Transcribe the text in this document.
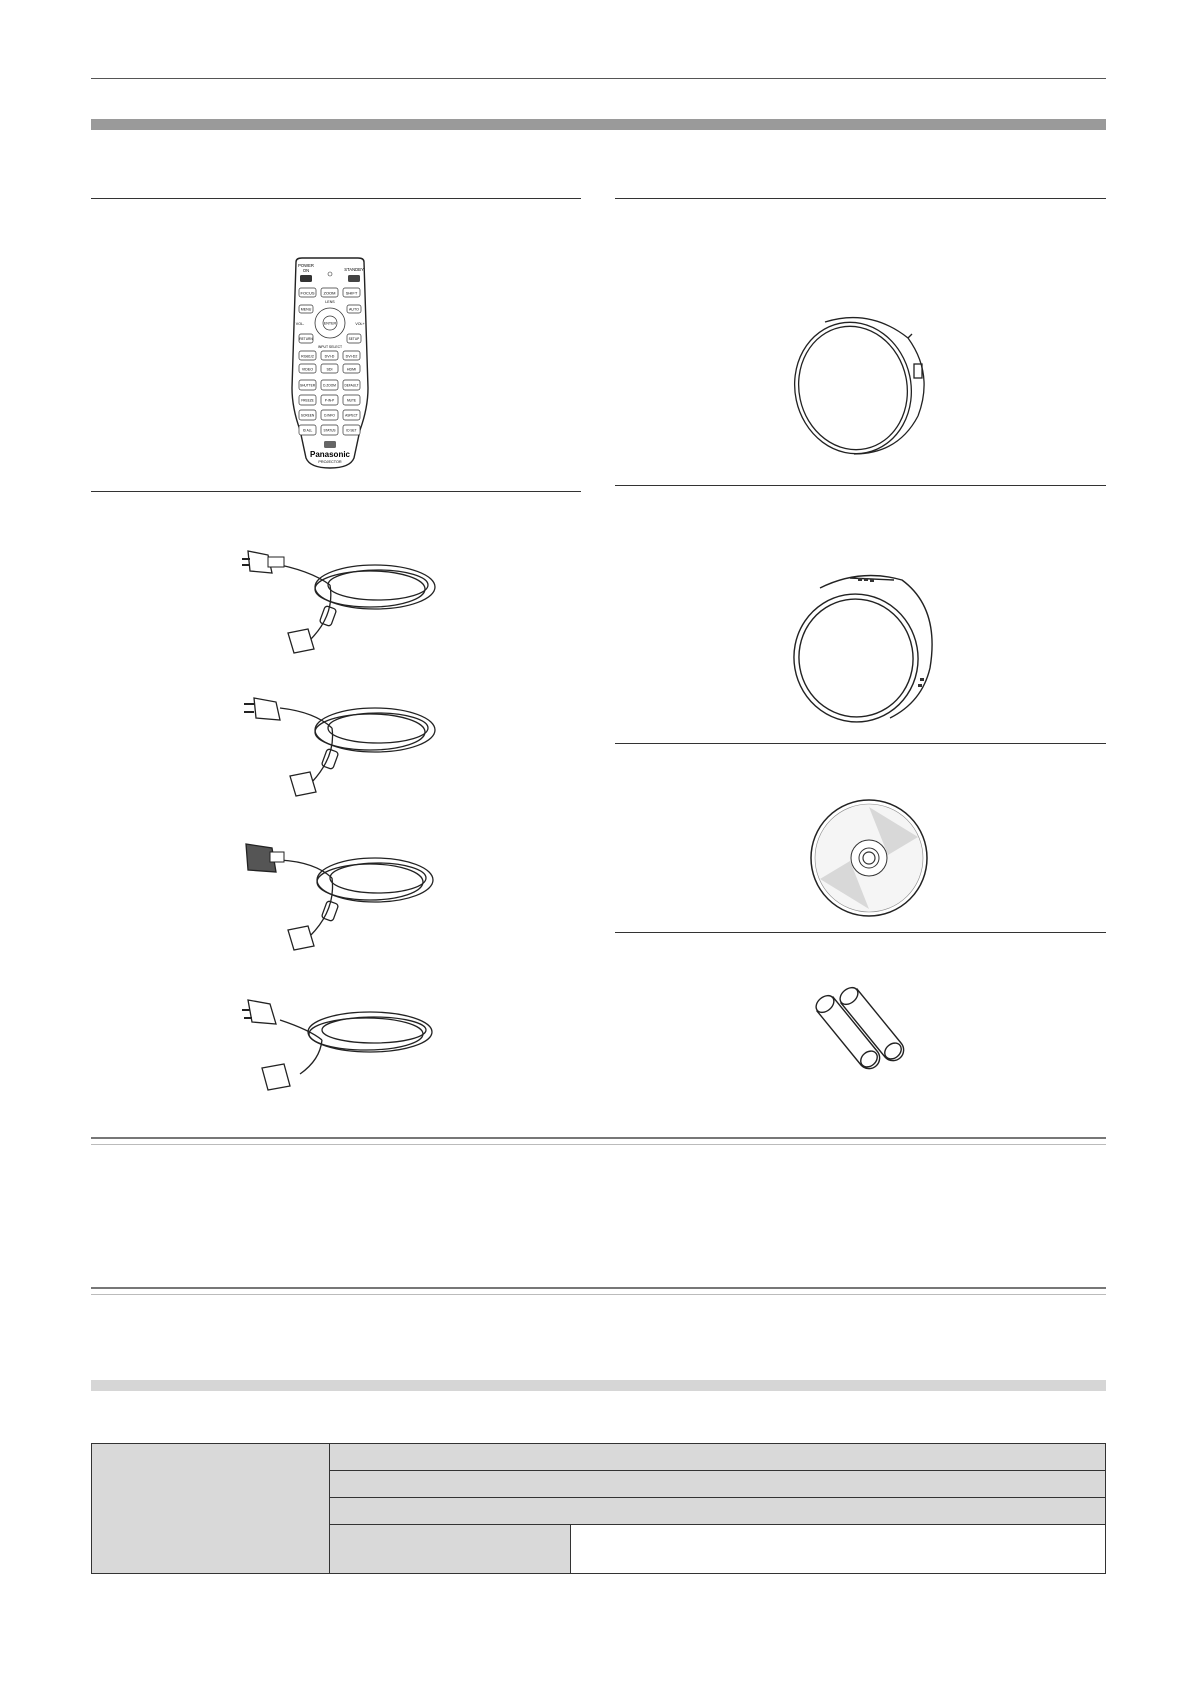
POWER
ON	STANDBY
FOCUS ZOOM	SHIFT
LENS
MENU	AUTO
ENTER
VOL-	VOL+
RETURN	SETUP
INPUT SELECT
RGB1/2	DVI-D	DVI-D2
VIDEO	SDI	HDMI
SHUTTER	D.ZOOM	DEFAULT
FREEZE	P-IN-P	MUTE
SCREEN	D.INFO	ASPECT
ID ALL	STATUS	ID SET
Panasonic
PROJECTOR
